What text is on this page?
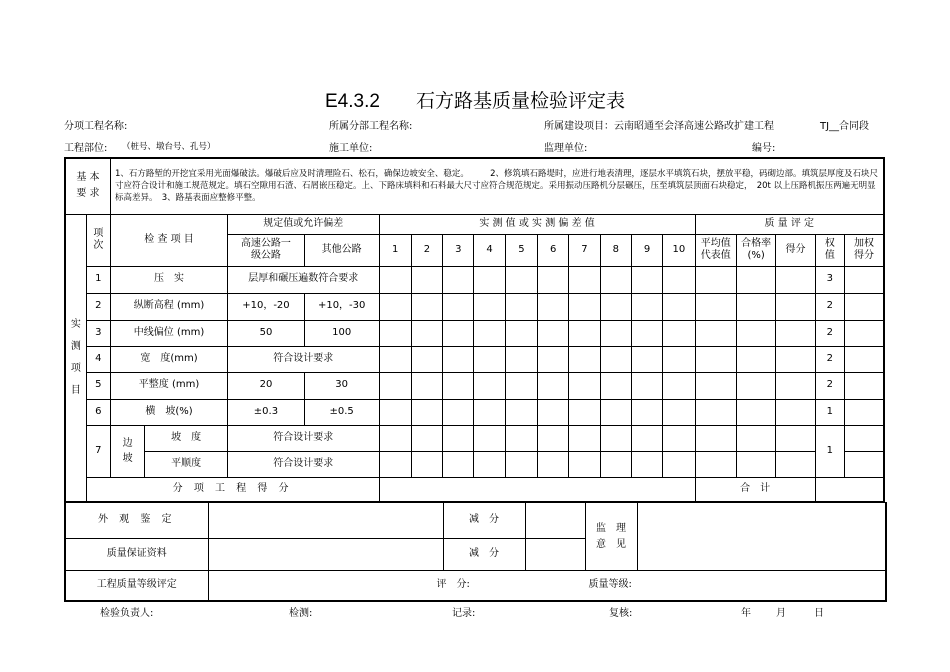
E4.3.2 石方路基质量检验评定表
分项工程名称:	所属分部工程名称:	所属建设项目：云南昭通至会泽高速公路改扩建工程	TJ__合同段
工程部位: （桩号、墩台号、孔号）	施工单位:	监理单位:	编号:
基 本 要 求		1、石方路堑的开挖宜采用光面爆破法。爆破后应及时清理险石、松石，确保边坡安全、稳定。　　　2、修筑填石路堤时，应进行地表清理，逐层水平填筑石块，摆放平稳，码砌边部。填筑层厚度及石块尺寸应符合设计和施工规范规定。填石空隙用石渣、石屑嵌压稳定。上、下路床填料和石料最大尺寸应符合规范规定。采用振动压路机分层碾压，压至填筑层顶面石块稳定，　20t 以上压路机振压两遍无明显标高差异。　3、路基表面应整修平整。																		

实 测 项 目	项次	检 查 项 目		规定值或允许偏差		实 测 值 或 实 测 偏 差 值										质 量 评 定				
				高速公路一级公路	其他公路	1	2	3	4	5	6	7	8	9	10	平均值代表值	合格率(%)	得分	权值	加权得分
	1	压　实		层厚和碾压遍数符合要求															3	
	2	纵断高程 (mm)		+10，-20	+10，-30														2	
	3	中线偏位 (mm)		50	100														2	
	4	宽　度(mm)		符合设计要求															2	
	5	平整度 (mm)		20	30														2	
	6	横　坡(%)		±0.3	±0.5														1	
	7	边坡	坡　度	符合设计要求															1	
			平顺度	符合设计要求																
	分 项 工 程 得 分															合　计				
外 观 鉴 定		减　分		监　理意　见	

质量保证资料		减　分			
工程质量等级评定	评　分: 质量等级:				
检验负责人:	检测:	记录:	复核:	年	月	日
